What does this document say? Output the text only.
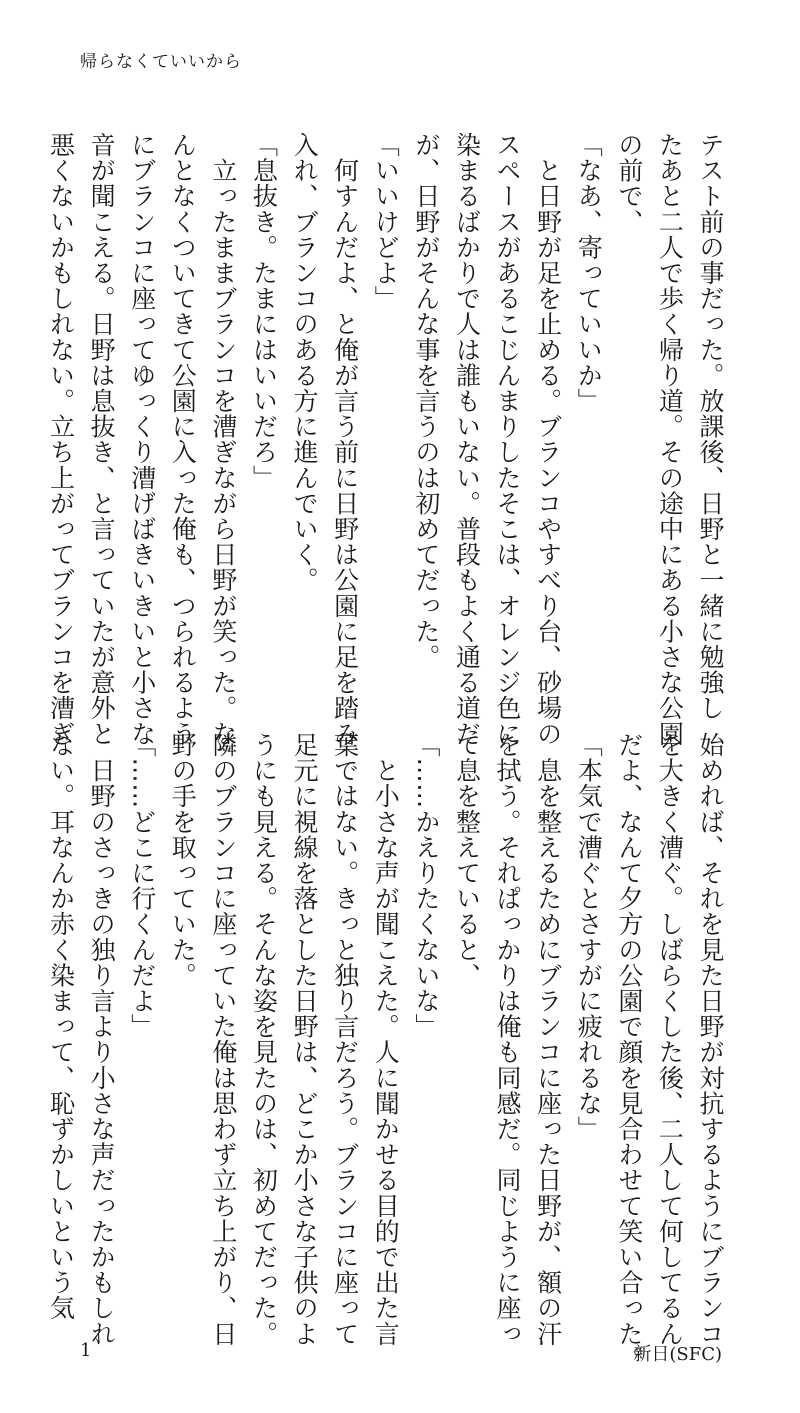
帰らなくていいから
テスト前の事だった。放課後、日野と一緒に勉強し
たあと二人で歩く帰り道。その途中にある小さな公園
の前で、
「なあ、寄っていいか」
　と日野が足を止める。ブランコやすべり台、砂場の
スペースがあるこじんまりしたそこは、オレンジ色に
染まるばかりで人は誰もいない。普段もよく通る道だ
が、日野がそんな事を言うのは初めてだった。
「いいけどよ」
　何すんだよ、と俺が言う前に日野は公園に足を踏み
入れ、ブランコのある方に進んでいく。
「息抜き。たまにはいいだろ」
　立ったままブランコを漕ぎながら日野が笑った。な
んとなくついてきて公園に入った俺も、つられるよう
にブランコに座ってゆっくり漕げばきいきいと小さな
音が聞こえる。日野は息抜き、と言っていたが意外と
悪くないかもしれない。立ち上がってブランコを漕ぎ
始めれば、それを見た日野が対抗するようにブランコ
を大きく漕ぐ。しばらくした後、二人して何してるん
だよ、なんて夕方の公園で顔を見合わせて笑い合った。
「本気で漕ぐとさすがに疲れるな」
　息を整えるためにブランコに座った日野が、額の汗
を拭う。それぱっかりは俺も同感だ。同じように座っ
て息を整えていると、
「……かえりたくないな」
　と小さな声が聞こえた。人に聞かせる目的で出た言
葉ではない。きっと独り言だろう。ブランコに座って
足元に視線を落とした日野は、どこか小さな子供のよ
うにも見える。そんな姿を見たのは、初めてだった。
隣のブランコに座っていた俺は思わず立ち上がり、日
野の手を取っていた。
「……どこに行くんだよ」
　日野のさっきの独り言より小さな声だったかもしれ
ない。耳なんか赤く染まって、恥ずかしいという気
1	新日(SFC)
